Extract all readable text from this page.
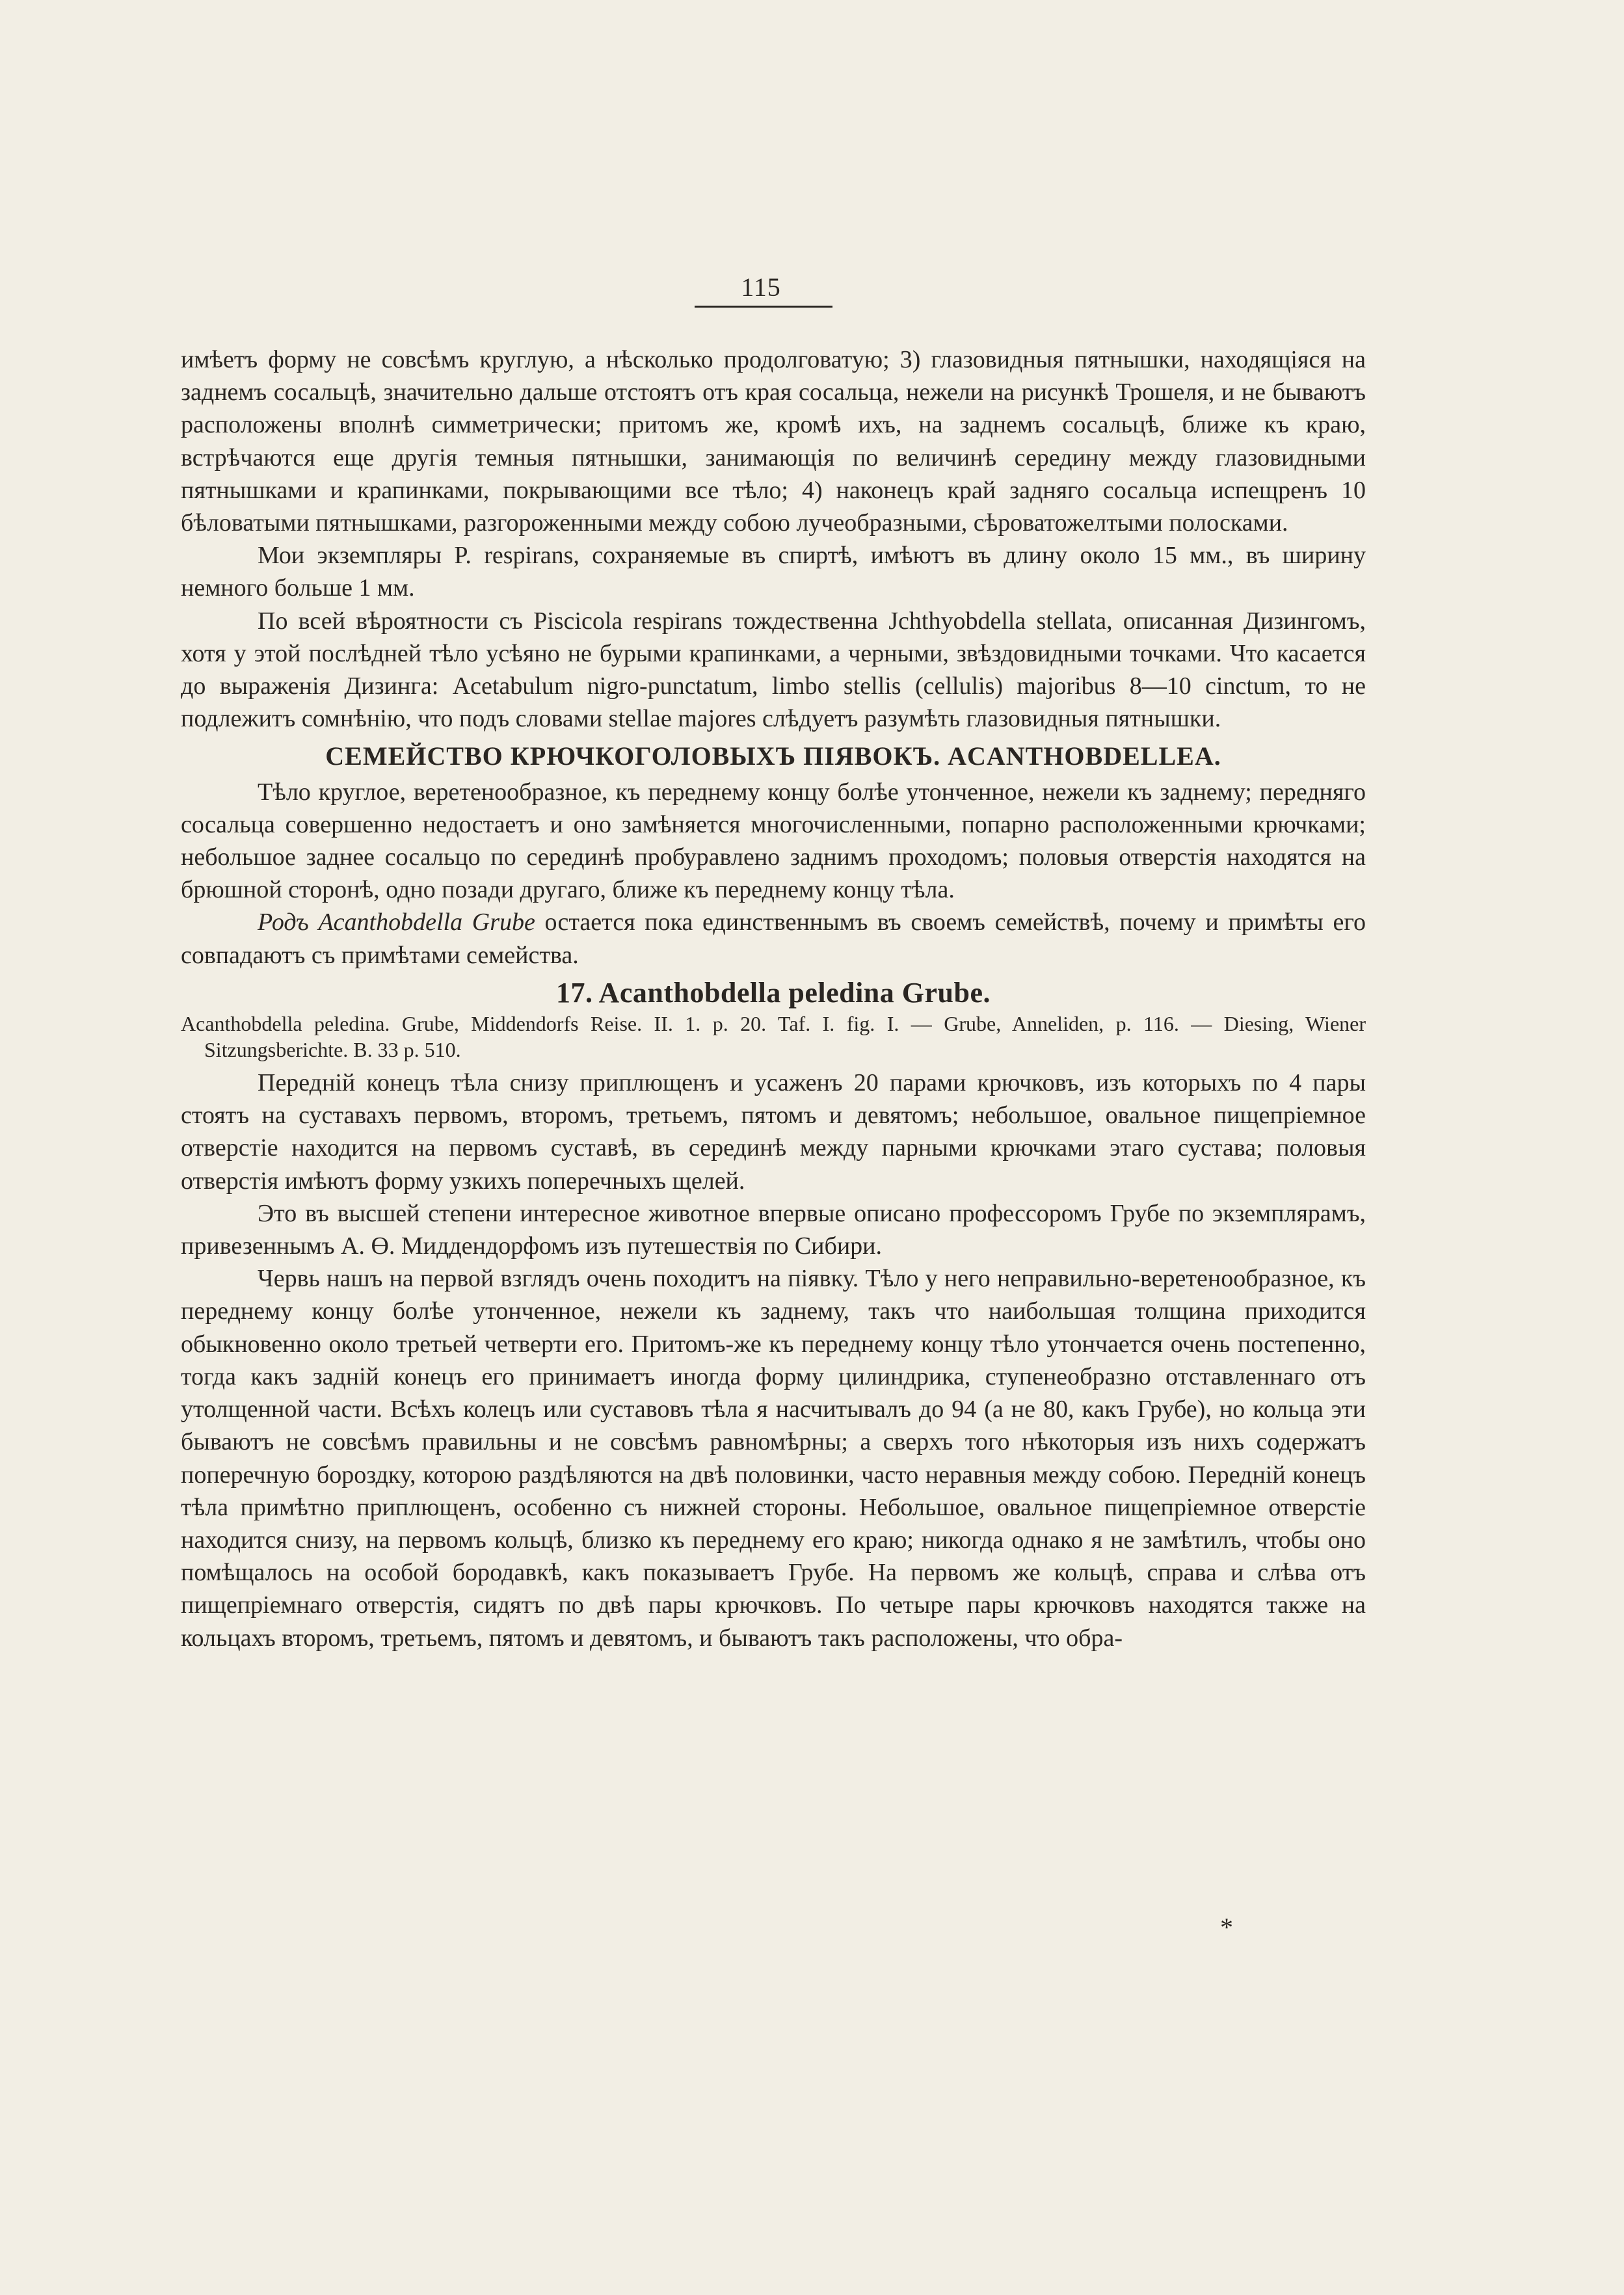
115

имѣетъ форму не совсѣмъ круглую, а нѣсколько продолговатую; 3) глазовидныя пятнышки, находящіяся на заднемъ сосальцѣ, значительно дальше отстоятъ отъ края сосальца, нежели на рисункѣ Трошеля, и не бываютъ расположены вполнѣ симметрически; притомъ же, кромѣ ихъ, на заднемъ сосальцѣ, ближе къ краю, встрѣчаются еще другія темныя пятнышки, занимающія по величинѣ середину между глазовидными пятнышками и крапинками, покрывающими все тѣло; 4) наконецъ край задняго сосальца испещренъ 10 бѣловатыми пятнышками, разгороженными между собою лучеобразными, сѣроватожелтыми полосками.

Мои экземпляры P. respirans, сохраняемые въ спиртѣ, имѣютъ въ длину около 15 мм., въ ширину немного больше 1 мм.

По всей вѣроятности съ Piscicola respirans тождественна Jchthyobdella stellata, описанная Дизингомъ, хотя у этой послѣдней тѣло усѣяно не бурыми крапинками, а черными, звѣздовидными точками. Что касается до выраженія Дизинга: Acetabulum nigro-punctatum, limbo stellis (cellulis) majoribus 8—10 cinctum, то не подлежитъ сомнѣнію, что подъ словами stellae majores слѣдуетъ разумѣть глазовидныя пятнышки.

СЕМЕЙСТВО КРЮЧКОГОЛОВЫХЪ ПІЯВОКЪ. ACANTHOBDELLEA.

Тѣло круглое, веретенообразное, къ переднему концу болѣе утонченное, нежели къ заднему; передняго сосальца совершенно недостаетъ и оно замѣняется многочисленными, попарно расположенными крючками; небольшое заднее сосальцо по серединѣ пробуравлено заднимъ проходомъ; половыя отверстія находятся на брюшной сторонѣ, одно позади другаго, ближе къ переднему концу тѣла.

Родъ Acanthobdella Grube остается пока единственнымъ въ своемъ семействѣ, почему и примѣты его совпадаютъ съ примѣтами семейства.

17. Acanthobdella peledina Grube.

Acanthobdella peledina. Grube, Middendorfs Reise. II. 1. p. 20. Taf. I. fig. I. — Grube, Anneliden, p. 116. — Diesing, Wiener Sitzungsberichte. B. 33 p. 510.

Передній конецъ тѣла снизу приплющенъ и усаженъ 20 парами крючковъ, изъ которыхъ по 4 пары стоятъ на суставахъ первомъ, второмъ, третьемъ, пятомъ и девятомъ; небольшое, овальное пищепріемное отверстіе находится на первомъ суставѣ, въ серединѣ между парными крючками этаго сустава; половыя отверстія имѣютъ форму узкихъ поперечныхъ щелей.

Это въ высшей степени интересное животное впервые описано профессоромъ Грубе по экземплярамъ, привезеннымъ А. Ө. Миддендорфомъ изъ путешествія по Сибири.

Червь нашъ на первой взглядъ очень походитъ на піявку. Тѣло у него неправильно-веретенообразное, къ переднему концу болѣе утонченное, нежели къ заднему, такъ что наибольшая толщина приходится обыкновенно около третьей четверти его. Притомъ-же къ переднему концу тѣло утончается очень постепенно, тогда какъ задній конецъ его принимаетъ иногда форму цилиндрика, ступенеобразно отставленнаго отъ утолщенной части. Всѣхъ колецъ или суставовъ тѣла я насчитывалъ до 94 (а не 80, какъ Грубе), но кольца эти бываютъ не совсѣмъ правильны и не совсѣмъ равномѣрны; а сверхъ того нѣкоторыя изъ нихъ содержатъ поперечную бороздку, которою раздѣляются на двѣ половинки, часто неравныя между собою. Передній конецъ тѣла примѣтно приплющенъ, особенно съ нижней стороны. Небольшое, овальное пищепріемное отверстіе находится снизу, на первомъ кольцѣ, близко къ переднему его краю; никогда однако я не замѣтилъ, чтобы оно помѣщалось на особой бородавкѣ, какъ показываетъ Грубе. На первомъ же кольцѣ, справа и слѣва отъ пищепріемнаго отверстія, сидятъ по двѣ пары крючковъ. По четыре пары крючковъ находятся также на кольцахъ второмъ, третьемъ, пятомъ и девятомъ, и бываютъ такъ расположены, что обра-

*
